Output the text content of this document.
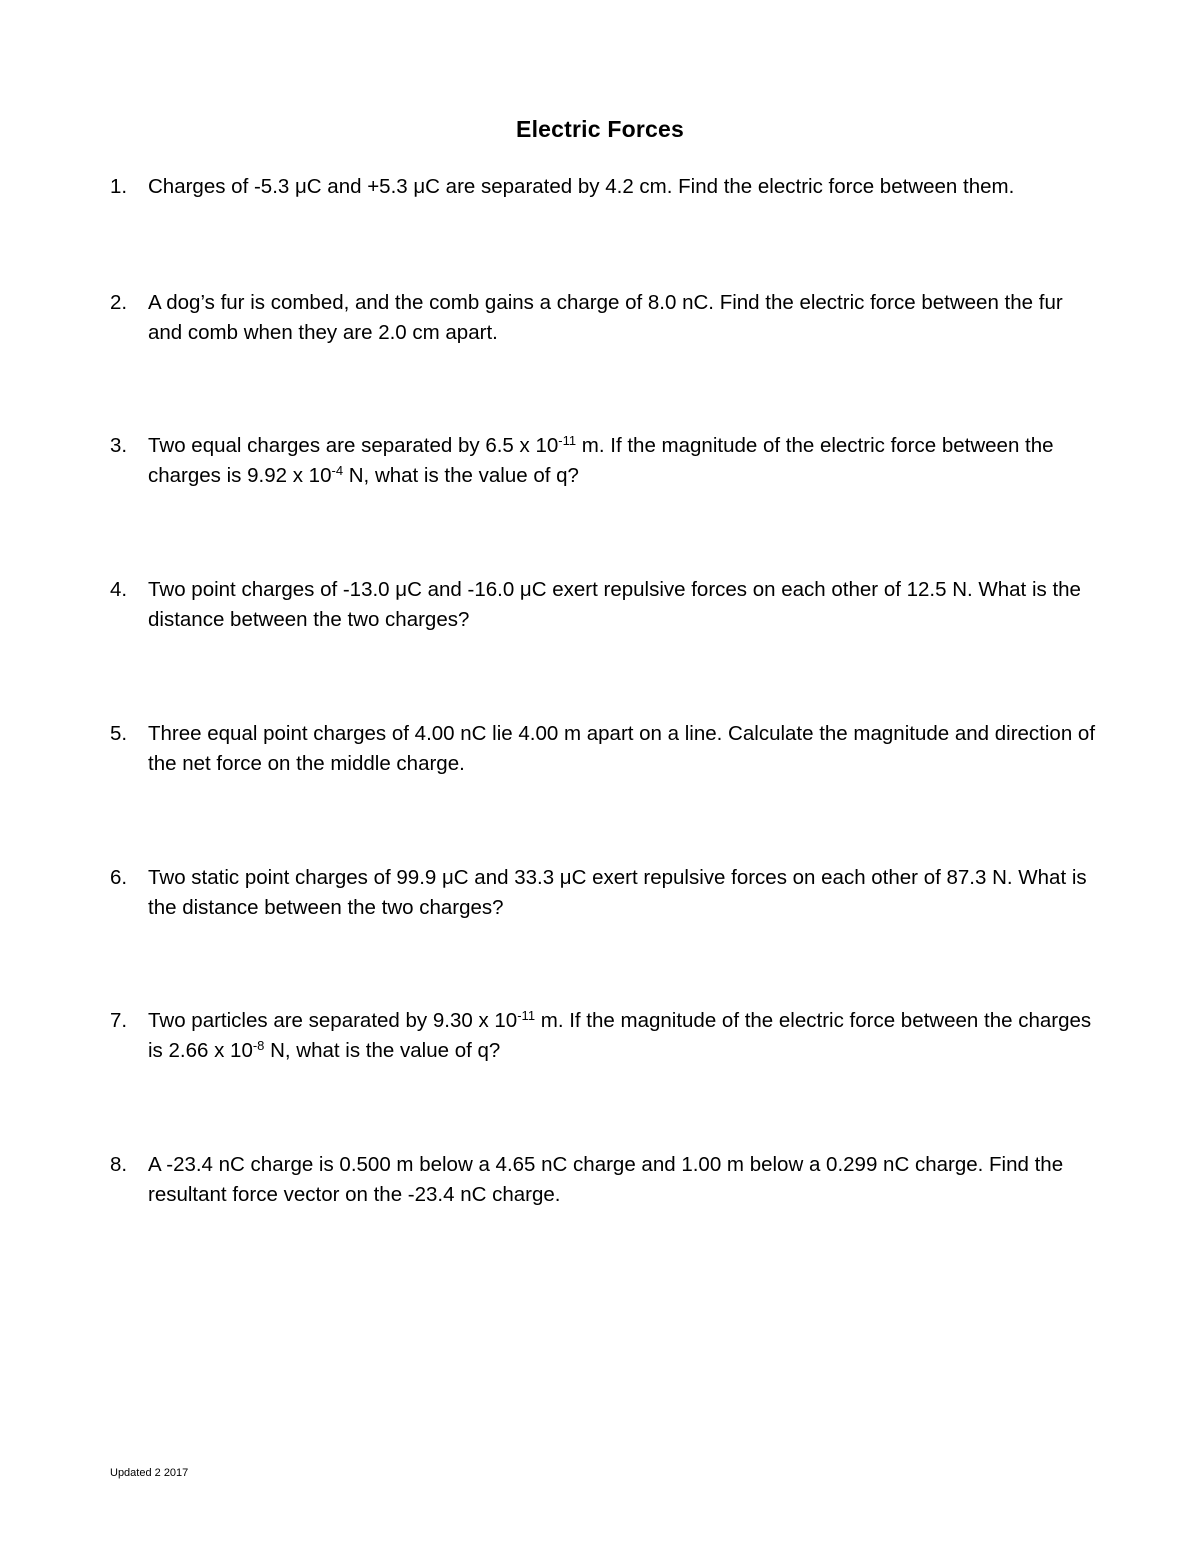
Electric Forces
1.	Charges of -5.3 μC and +5.3 μC are separated by 4.2 cm. Find the electric force between them.
2.	A dog’s fur is combed, and the comb gains a charge of 8.0 nC. Find the electric force between the fur and comb when they are 2.0 cm apart.
3.	Two equal charges are separated by 6.5 x $10^{-11}$ m. If the magnitude of the electric force between the charges is 9.92 x $10^{-4}$ N, what is the value of q?
4.	Two point charges of -13.0 μC and -16.0 μC exert repulsive forces on each other of 12.5 N. What is the distance between the two charges?
5.	Three equal point charges of 4.00 nC lie 4.00 m apart on a line. Calculate the magnitude and direction of the net force on the middle charge.
6.	Two static point charges of 99.9 μC and 33.3 μC exert repulsive forces on each other of 87.3 N. What is the distance between the two charges?
7.	Two particles are separated by 9.30 x $10^{-11}$ m. If the magnitude of the electric force between the charges is 2.66 x $10^{-8}$ N, what is the value of q?
8.	A -23.4 nC charge is 0.500 m below a 4.65 nC charge and 1.00 m below a 0.299 nC charge. Find the resultant force vector on the -23.4 nC charge.
Updated 2 2017
